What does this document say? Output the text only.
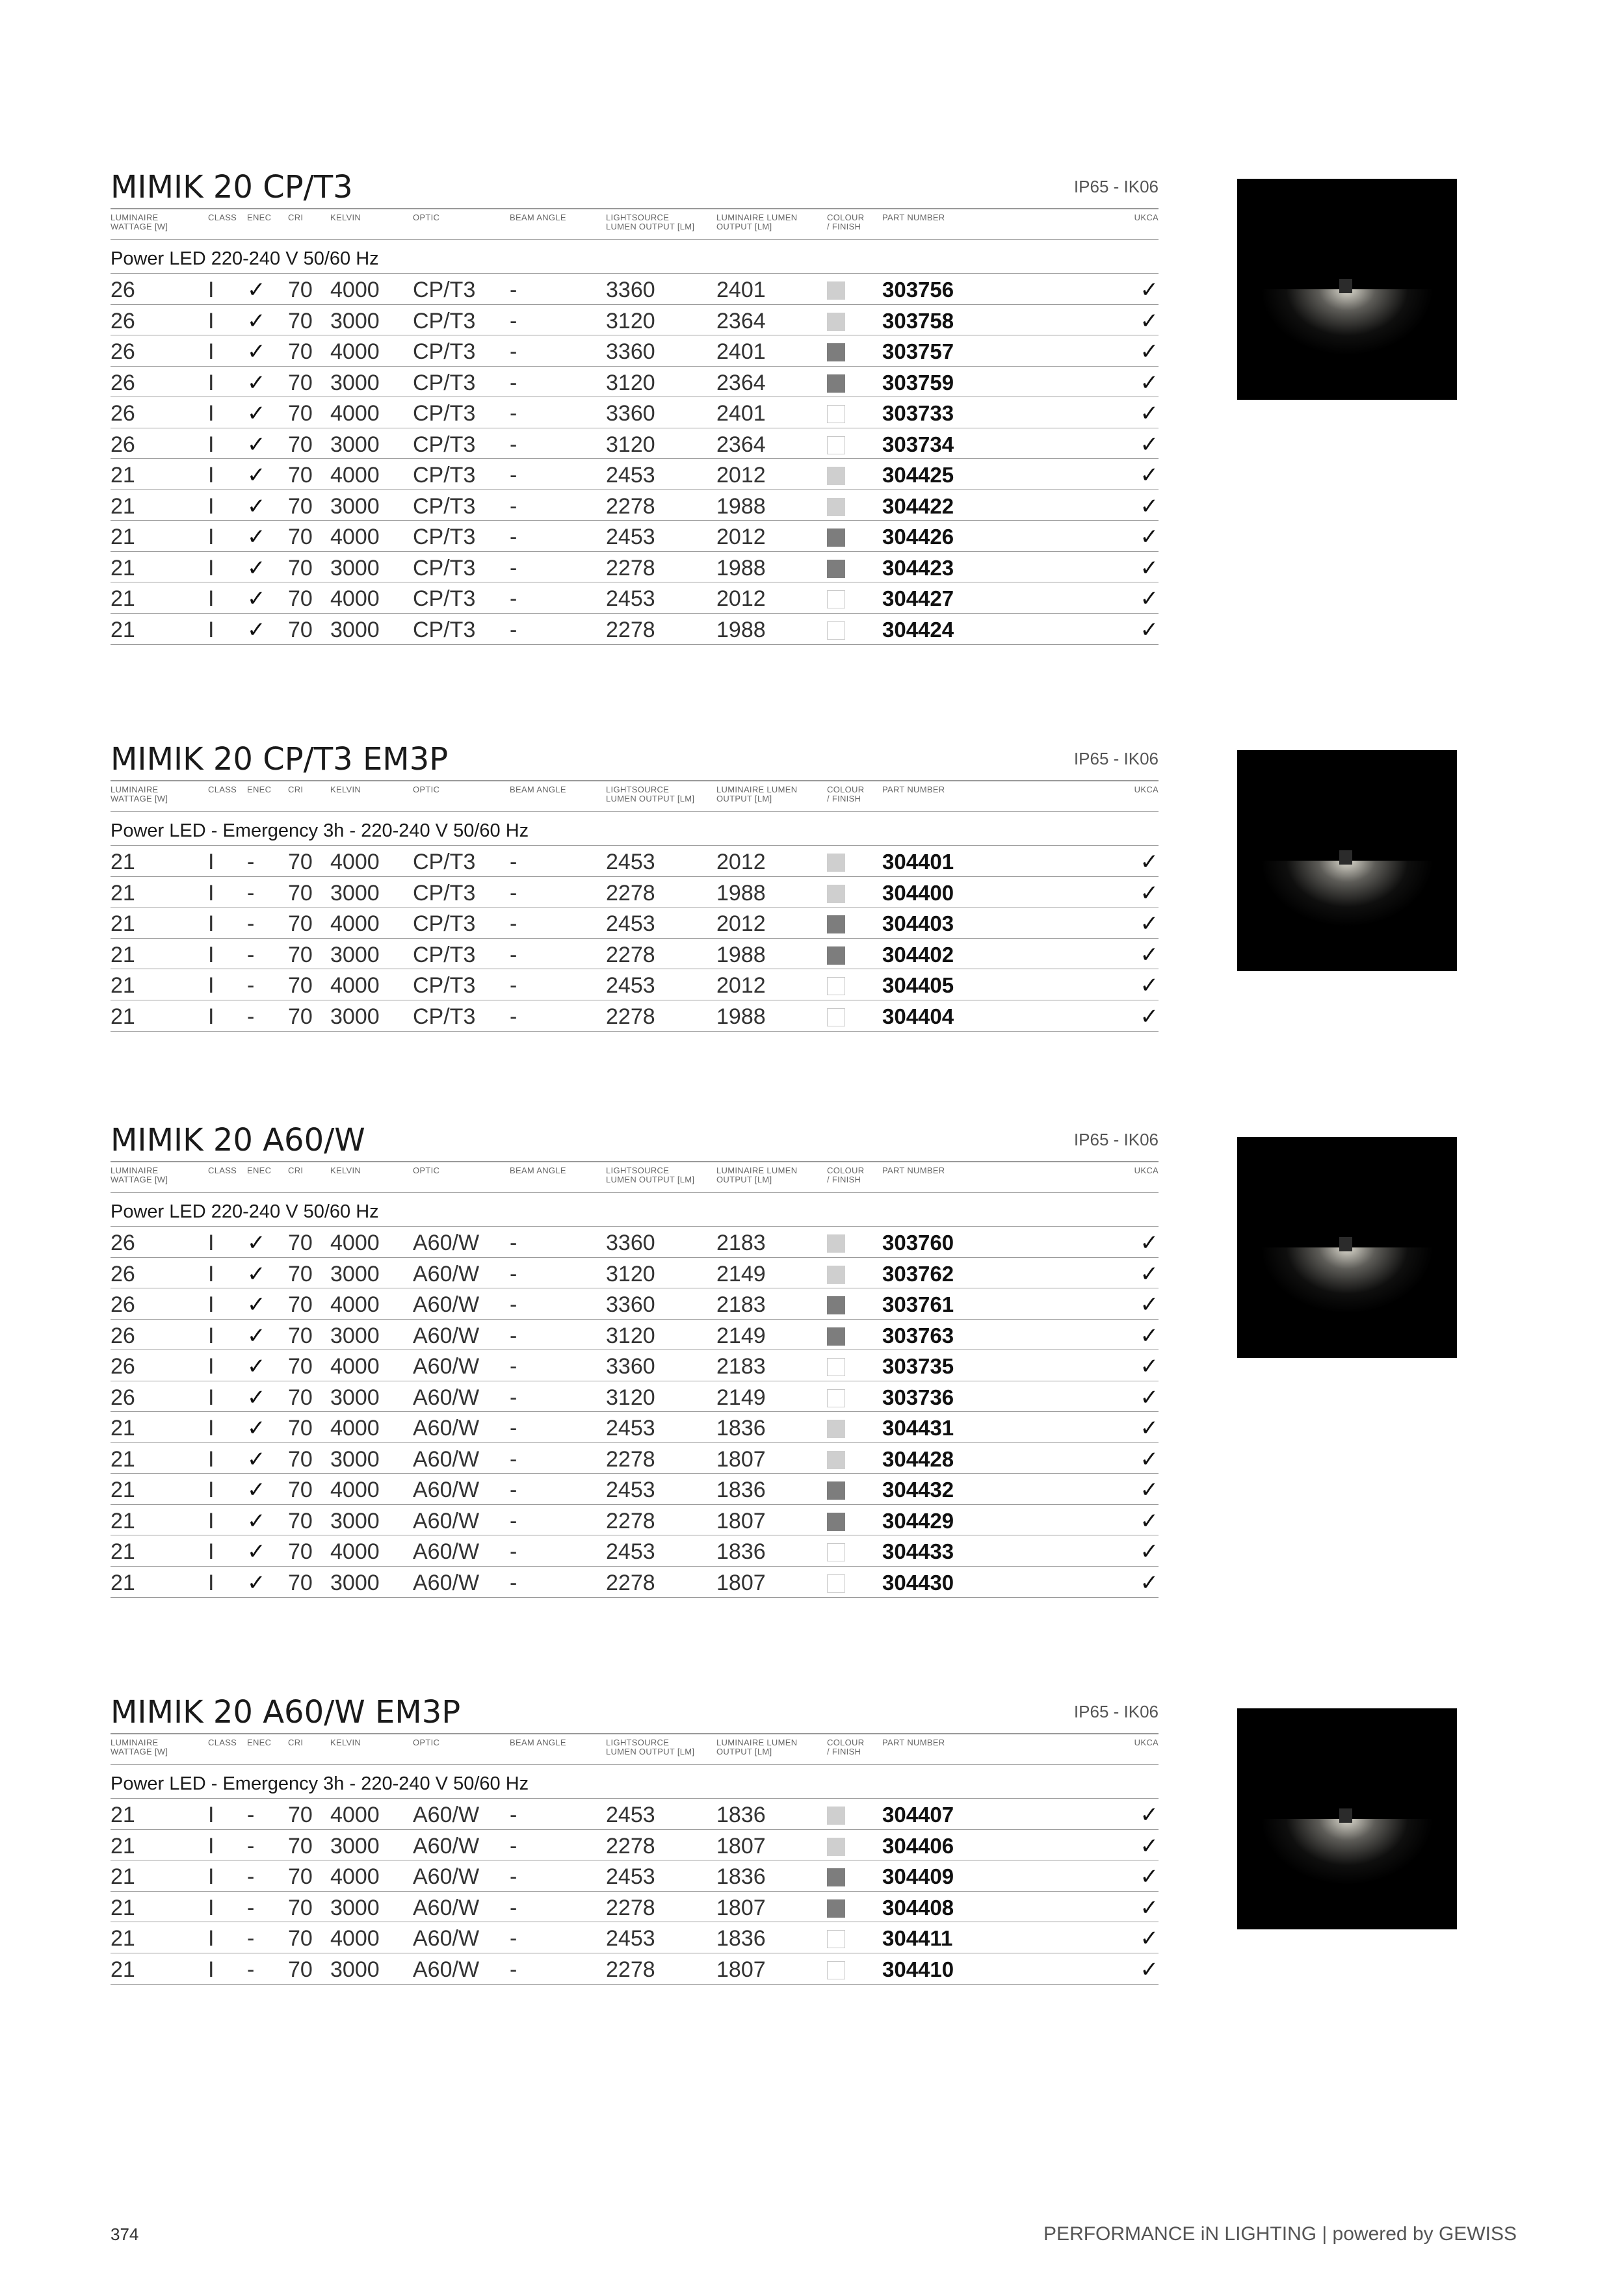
MIMIK 20 CP/T3	IP65 - IK06
LUMINAIRE WATTAGE [W]
CLASS ENEC CRI	KELVIN	OPTIC	BEAM ANGLE	LIGHTSOURCE LUMEN OUTPUT [LM]
LUMINAIRE LUMEN OUTPUT [LM]
COLOUR / FINISH
PART NUMBER	UKCA
Power LED 220-240 V 50/60 Hz
26	I ✓ 70 4000 CP/T3 -	3360	2401	303756	✓
26	I ✓ 70 3000 CP/T3 -	3120	2364	303758	✓
26	I ✓ 70 4000 CP/T3 -	3360	2401	303757	✓
26	I ✓ 70 3000 CP/T3 -	3120	2364	303759	✓
26	I ✓ 70 4000 CP/T3 -	3360	2401	303733	✓
26	I ✓ 70 3000 CP/T3 -	3120	2364	303734	✓
21	I ✓ 70 4000 CP/T3 -	2453	2012	304425	✓
21	I ✓ 70 3000 CP/T3 -	2278	1988	304422	✓
21	I ✓ 70 4000 CP/T3 -	2453	2012	304426	✓
21	I ✓ 70 3000 CP/T3 -	2278	1988	304423	✓
21	I ✓ 70 4000 CP/T3 -	2453	2012	304427	✓
21	I ✓ 70 3000 CP/T3 -	2278	1988	304424	✓
MIMIK 20 CP/T3 EM3P	IP65 - IK06
LUMINAIRE WATTAGE [W]
CLASS ENEC CRI	KELVIN	OPTIC	BEAM ANGLE	LIGHTSOURCE LUMEN OUTPUT [LM]
LUMINAIRE LUMEN OUTPUT [LM]
COLOUR / FINISH
PART NUMBER	UKCA
Power LED - Emergency 3h - 220-240 V 50/60 Hz
21	I - 70 4000 CP/T3 -	2453	2012	304401	✓
21	I - 70 3000 CP/T3 -	2278	1988	304400	✓
21	I - 70 4000 CP/T3 -	2453	2012	304403	✓
21	I - 70 3000 CP/T3 -	2278	1988	304402	✓
21	I - 70 4000 CP/T3 -	2453	2012	304405	✓
21	I - 70 3000 CP/T3 -	2278	1988	304404	✓
MIMIK 20 A60/W	IP65 - IK06
LUMINAIRE WATTAGE [W]
CLASS ENEC CRI	KELVIN	OPTIC	BEAM ANGLE	LIGHTSOURCE LUMEN OUTPUT [LM]
LUMINAIRE LUMEN OUTPUT [LM]
COLOUR / FINISH
PART NUMBER	UKCA
Power LED 220-240 V 50/60 Hz
26	I ✓ 70 4000 A60/W -	3360	2183	303760	✓
26	I ✓ 70 3000 A60/W -	3120	2149	303762	✓
26	I ✓ 70 4000 A60/W -	3360	2183	303761	✓
26	I ✓ 70 3000 A60/W -	3120	2149	303763	✓
26	I ✓ 70 4000 A60/W -	3360	2183	303735	✓
26	I ✓ 70 3000 A60/W -	3120	2149	303736	✓
21	I ✓ 70 4000 A60/W -	2453	1836	304431	✓
21	I ✓ 70 3000 A60/W -	2278	1807	304428	✓
21	I ✓ 70 4000 A60/W -	2453	1836	304432	✓
21	I ✓ 70 3000 A60/W -	2278	1807	304429	✓
21	I ✓ 70 4000 A60/W -	2453	1836	304433	✓
21	I ✓ 70 3000 A60/W -	2278	1807	304430	✓
MIMIK 20 A60/W EM3P	IP65 - IK06
LUMINAIRE WATTAGE [W]
CLASS ENEC CRI	KELVIN	OPTIC	BEAM ANGLE	LIGHTSOURCE LUMEN OUTPUT [LM]
LUMINAIRE LUMEN OUTPUT [LM]
COLOUR / FINISH
PART NUMBER	UKCA
Power LED - Emergency 3h - 220-240 V 50/60 Hz
21	I - 70 4000 A60/W -	2453	1836	304407	✓
21	I - 70 3000 A60/W -	2278	1807	304406	✓
21	I - 70 4000 A60/W -	2453	1836	304409	✓
21	I - 70 3000 A60/W -	2278	1807	304408	✓
21	I - 70 4000 A60/W -	2453	1836	304411	✓
21	I - 70 3000 A60/W -	2278	1807	304410	✓
374	PERFORMANCE iN LIGHTING | powered by GEWISS
